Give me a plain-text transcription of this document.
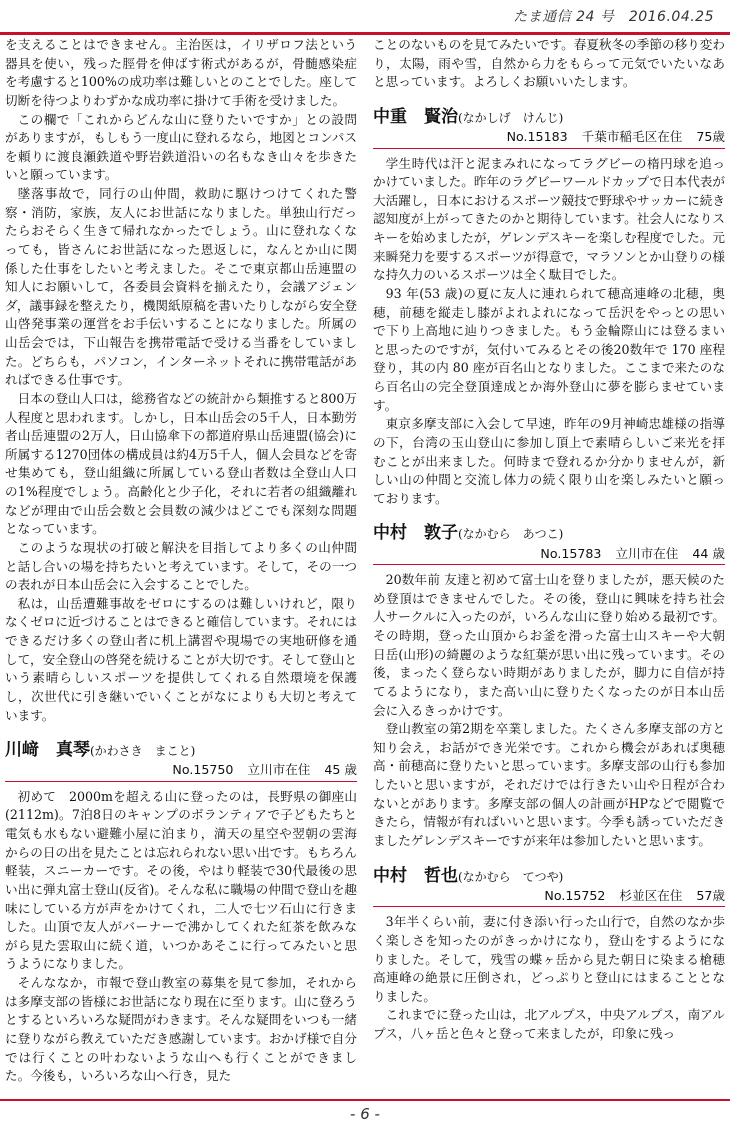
たま通信 24 号　2016.04.25

を支えることはできません。主治医は，イリザロフ法という器具を使い，残った脛骨を伸ばす術式があるが，骨髄感染症を考慮すると100%の成功率は難しいとのことでした。座して切断を待つよりわずかな成功率に掛けて手術を受けました。

この欄で「これからどんな山に登りたいですか」との設問がありますが，もしもう一度山に登れるなら，地図とコンパスを頼りに渡良瀬鉄道や野岩鉄道沿いの名もなき山々を歩きたいと願っています。

墜落事故で，同行の山仲間，救助に駆けつけてくれた警察・消防，家族，友人にお世話になりました。単独山行だったらおそらく生きて帰れなかったでしょう。山に登れなくなっても，皆さんにお世話になった恩返しに，なんとか山に関係した仕事をしたいと考えました。そこで東京都山岳連盟の知人にお願いして，各委員会資料を揃えたり，会議アジェンダ，議事録を整えたり，機関紙原稿を書いたりしながら安全登山啓発事業の運営をお手伝いすることになりました。所属の山岳会では，下山報告を携帯電話で受ける当番をしていました。どちらも，パソコン，インターネットそれに携帯電話があればできる仕事です。

日本の登山人口は，総務省などの統計から類推すると800万人程度と思われます。しかし，日本山岳会の5千人，日本勤労者山岳連盟の2万人，日山協傘下の都道府県山岳連盟(協会)に所属する1270団体の構成員は約4万5千人，個人会員などを寄せ集めても，登山組織に所属している登山者数は全登山人口の1%程度でしょう。高齢化と少子化，それに若者の組織離れなどが理由で山岳会数と会員数の減少はどこでも深刻な問題となっています。

このような現状の打破と解決を目指してより多くの山仲間と話し合いの場を持ちたいと考えています。そして，その一つの表れが日本山岳会に入会することでした。

私は，山岳遭難事故をゼロにするのは難しいけれど，限りなくゼロに近づけることはできると確信しています。それにはできるだけ多くの登山者に机上講習や現場での実地研修を通して，安全登山の啓発を続けることが大切です。そして登山という素晴らしいスポーツを提供してくれる自然環境を保護し，次世代に引き継いでいくことがなによりも大切と考えています。

川﨑　真琴(かわさき　まこと)
No.15750 立川市在住 45 歳

初めて　2000mを超える山に登ったのは，長野県の御座山(2112m)。7泊8日のキャンプのボランティアで子どもたちと電気も水もない避難小屋に泊まり，満天の星空や翌朝の雲海からの日の出を見たことは忘れられない思い出です。もちろん軽装，スニーカーです。その後，やはり軽装で30代最後の思い出に弾丸富士登山(反省)。そんな私に職場の仲間で登山を趣味にしている方が声をかけてくれ，二人で七ツ石山に行きました。山頂で友人がバーナーで沸かしてくれた紅茶を飲みながら見た雲取山に続く道，いつかあそこに行ってみたいと思うようになりました。

そんななか，市報で登山教室の募集を見て参加，それからは多摩支部の皆様にお世話になり現在に至ります。山に登ろうとするといろいろな疑問がわきます。そんな疑問をいつも一緒に登りながら教えていただき感謝しています。おかげ様で自分では行くことの叶わないような山へも行くことができました。今後も，いろいろな山へ行き，見た

ことのないものを見てみたいです。春夏秋冬の季節の移り変わり，太陽，雨や雪，自然から力をもらって元気でいたいなあと思っています。よろしくお願いいたします。

中重　賢治(なかしげ　けんじ)
No.15183 千葉市稲毛区在住 75歳

学生時代は汗と泥まみれになってラグビーの楕円球を追っかけていました。昨年のラグビーワールドカップで日本代表が大活躍し，日本におけるスポーツ競技で野球やサッカーに続き認知度が上がってきたのかと期待しています。社会人になりスキーを始めましたが，ゲレンデスキーを楽しむ程度でした。元来瞬発力を要するスポーツが得意で，マラソンとか山登りの様な持久力のいるスポーツは全く駄目でした。

93 年(53 歳)の夏に友人に連れられて穂高連峰の北穂，奥穂，前穂を縦走し膝がよれよれになって岳沢をやっとの思いで下り上高地に辿りつきました。もう金輪際山には登るまいと思ったのですが，気付いてみるとその後20数年で 170 座程登り，其の内 80 座が百名山となりました。ここまで来たのなら百名山の完全登頂達成とか海外登山に夢を膨らませています。

東京多摩支部に入会して早速，昨年の9月神崎忠雄様の指導の下，台湾の玉山登山に参加し頂上で素晴らしいご来光を拝むことが出来ました。何時まで登れるか分かりませんが，新しい山の仲間と交流し体力の続く限り山を楽しみたいと願っております。

中村　敦子(なかむら　あつこ)
No.15783 立川市在住 44 歳

20数年前 友達と初めて富士山を登りましたが，悪天候のため登頂はできませんでした。その後，登山に興味を持ち社会人サークルに入ったのが，いろんな山に登り始める最初です。その時期，登った山頂からお釜を滑った富士山スキーや大朝日岳(山形)の綺麗のような紅葉が思い出に残っています。その後，まったく登らない時期がありましたが，脚力に自信が持てるようになり，また高い山に登りたくなったのが日本山岳会に入るきっかけです。

登山教室の第2期を卒業しました。たくさん多摩支部の方と知り会え，お話ができ光栄です。これから機会があれば奥穂高・前穂高に登りたいと思っています。多摩支部の山行も参加したいと思いますが，それだけでは行きたい山や日程が合わないとがあります。多摩支部の個人の計画がHPなどで閲覧できたら，情報が有ればいいと思います。今季も誘っていただきましたゲレンデスキーですが来年は参加したいと思います。

中村　哲也(なかむら　てつや)
No.15752 杉並区在住 57歳

3年半くらい前，妻に付き添い行った山行で，自然のなか歩く楽しさを知ったのがきっかけになり，登山をするようになりました。そして，残雪の蝶ヶ岳から見た朝日に染まる槍穂高連峰の絶景に圧倒され，どっぷりと登山にはまることとなりました。

これまでに登った山は，北アルプス，中央アルプス，南アルプス，八ヶ岳と色々と登って来ましたが，印象に残っ

- 6 -
